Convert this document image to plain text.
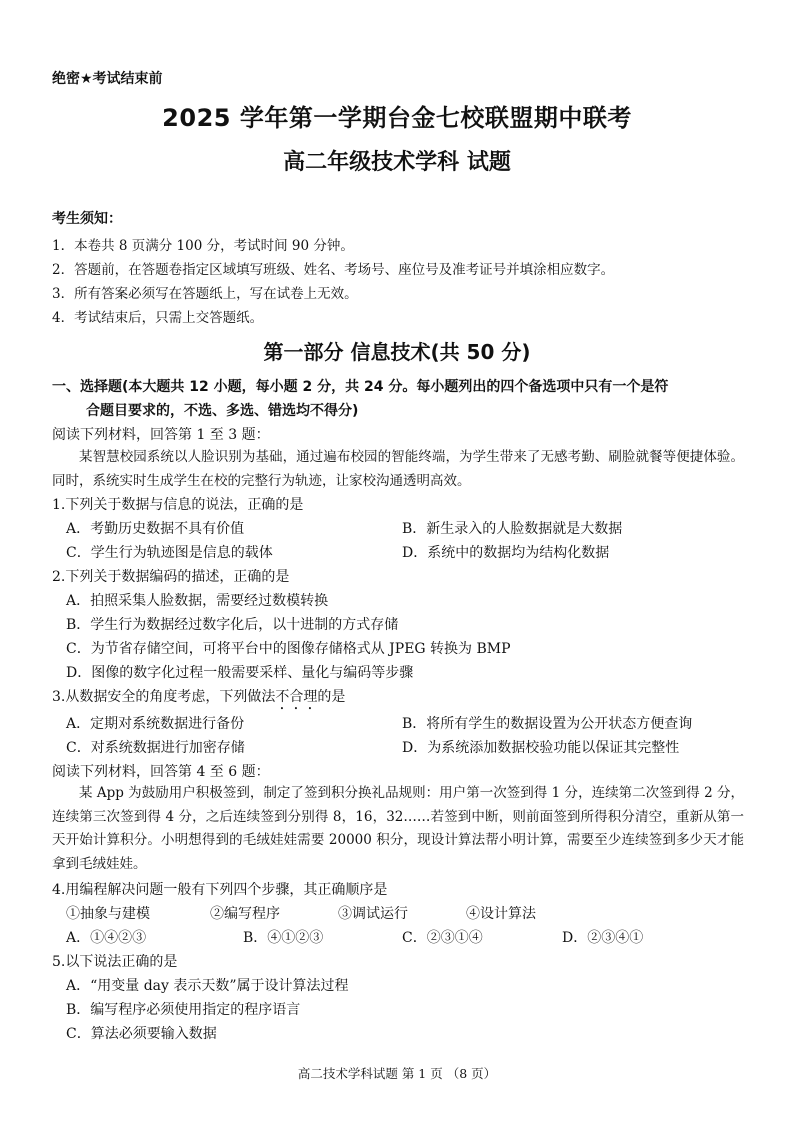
绝密★考试结束前
2025 学年第一学期台金七校联盟期中联考
高二年级技术学科 试题
考生须知：
1．本卷共 8 页满分 100 分，考试时间 90 分钟。
2．答题前，在答题卷指定区域填写班级、姓名、考场号、座位号及准考证号并填涂相应数字。
3．所有答案必须写在答题纸上，写在试卷上无效。
4．考试结束后，只需上交答题纸。
第一部分 信息技术(共 50 分)
一、选择题(本大题共 12 小题，每小题 2 分，共 24 分。每小题列出的四个备选项中只有一个是符
合题目要求的，不选、多选、错选均不得分)
阅读下列材料，回答第 1 至 3 题：
某智慧校园系统以人脸识别为基础，通过遍布校园的智能终端，为学生带来了无感考勤、刷脸就餐等便捷体验。同时，系统实时生成学生在校的完整行为轨迹，让家校沟通透明高效。
1.下列关于数据与信息的说法，正确的是
A．考勤历史数据不具有价值	B．新生录入的人脸数据就是大数据
C．学生行为轨迹图是信息的载体	D．系统中的数据均为结构化数据
2.下列关于数据编码的描述，正确的是
A．拍照采集人脸数据，需要经过数模转换
B．学生行为数据经过数字化后，以十进制的方式存储
C．为节省存储空间，可将平台中的图像存储格式从 JPEG 转换为 BMP
D．图像的数字化过程一般需要采样、量化与编码等步骤
3.从数据安全的角度考虑，下列做法不合理的是
A．定期对系统数据进行备份	B．将所有学生的数据设置为公开状态方便查询
C．对系统数据进行加密存储	D．为系统添加数据校验功能以保证其完整性
阅读下列材料，回答第 4 至 6 题：
某 App 为鼓励用户积极签到，制定了签到积分换礼品规则：用户第一次签到得 1 分，连续第二次签到得 2 分，连续第三次签到得 4 分，之后连续签到分别得 8，16，32……若签到中断，则前面签到所得积分清空，重新从第一天开始计算积分。小明想得到的毛绒娃娃需要 20000 积分，现设计算法帮小明计算，需要至少连续签到多少天才能拿到毛绒娃娃。
4.用编程解决问题一般有下列四个步骤，其正确顺序是
①抽象与建模	②编写程序	③调试运行	④设计算法
A．①④②③	B．④①②③	C．②③①④	D．②③④①
5.以下说法正确的是
A．“用变量 day 表示天数”属于设计算法过程
B．编写程序必须使用指定的程序语言
C．算法必须要输入数据
高二技术学科试题 第 1 页 （8 页）
